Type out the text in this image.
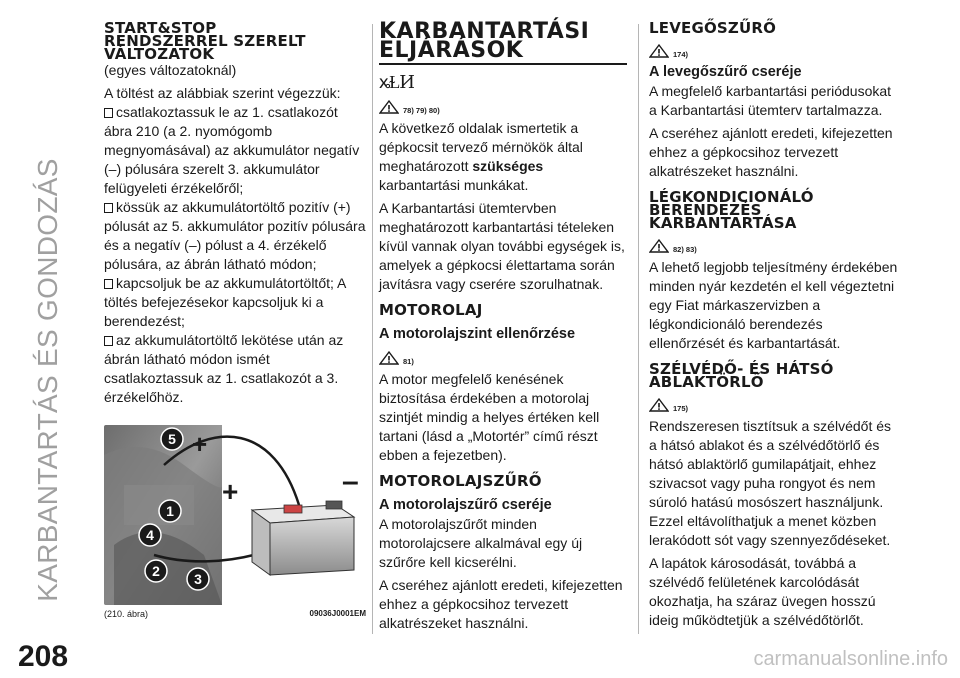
KARBANTARTÁS ÉS GONDOZÁS
208	carmanualsonline.info
START&STOP
RENDSZERREL SZERELT
VÁLTOZATOK

(egyes változatoknál)

A töltést az alábbiak szerint végezzük:

csatlakoztassuk le az 1. csatlakozót ábra 210 (a 2. nyomógomb megnyomásával) az akkumulátor negatív (–) pólusára szerelt 3. akkumulátor felügyeleti érzékelőről;

kössük az akkumulátortöltő pozitív (+) pólusát az 5. akkumulátor pozitív pólusára és a negatív (–) pólust a 4. érzékelő pólusára, az ábrán látható módon;

kapcsoljuk be az akkumulátortöltőt; A töltés befejezésekor kapcsoljuk ki a berendezést;

az akkumulátortöltő lekötése után az ábrán látható módon ismét csatlakoztassuk az 1. csatlakozót a 3. érzékelőhöz.

+	–
+
5
1
4
2 3
(210. ábra)	09036J0001EM
KARBANTARTÁSI
ELJÁRÁSOK
ꭖⱢИ
78) 79) 80)

A következő oldalak ismertetik a gépkocsit tervező mérnökök által meghatározott szükséges karbantartási munkákat.

A Karbantartási ütemtervben meghatározott karbantartási tételeken kívül vannak olyan további egységek is, amelyek a gépkocsi élettartama során javításra vagy cserére szorulhatnak.

MOTOROLAJ
A motorolajszint ellenőrzése
81)

A motor megfelelő kenésének biztosítása érdekében a motorolaj szintjét mindig a helyes értéken kell tartani (lásd a „Motortér” című részt ebben a fejezetben).

MOTOROLAJSZŰRŐ
A motorolajszűrő cseréje

A motorolajszűrőt minden motorolajcsere alkalmával egy új szűrőre kell kicserélni.

A cseréhez ajánlott eredeti, kifejezetten ehhez a gépkocsihoz tervezett alkatrészeket használni.

LEVEGŐSZŰRŐ
174)
A levegőszűrő cseréje

A megfelelő karbantartási periódusokat a Karbantartási ütemterv tartalmazza.

A cseréhez ajánlott eredeti, kifejezetten ehhez a gépkocsihoz tervezett alkatrészeket használni.

LÉGKONDICIONÁLÓ
BERENDEZÉS
KARBANTARTÁSA
82) 83)

A lehető legjobb teljesítmény érdekében minden nyár kezdetén el kell végeztetni egy Fiat márkaszervizben a légkondicionáló berendezés ellenőrzését és karbantartását.

SZÉLVÉDŐ- ÉS HÁTSÓ
ABLAKTÖRLŐ
175)

Rendszeresen tisztítsuk a szélvédőt és a hátsó ablakot és a szélvédőtörlő és hátsó ablaktörlő gumilapátjait, ehhez szivacsot vagy puha rongyot és nem súroló hatású mosószert használjunk. Ezzel eltávolíthatjuk a menet közben lerakódott sót vagy szennyeződéseket.

A lapátok károsodását, továbbá a szélvédő felületének karcolódását okozhatja, ha száraz üvegen hosszú ideig működtetjük a szélvédőtörlőt.
